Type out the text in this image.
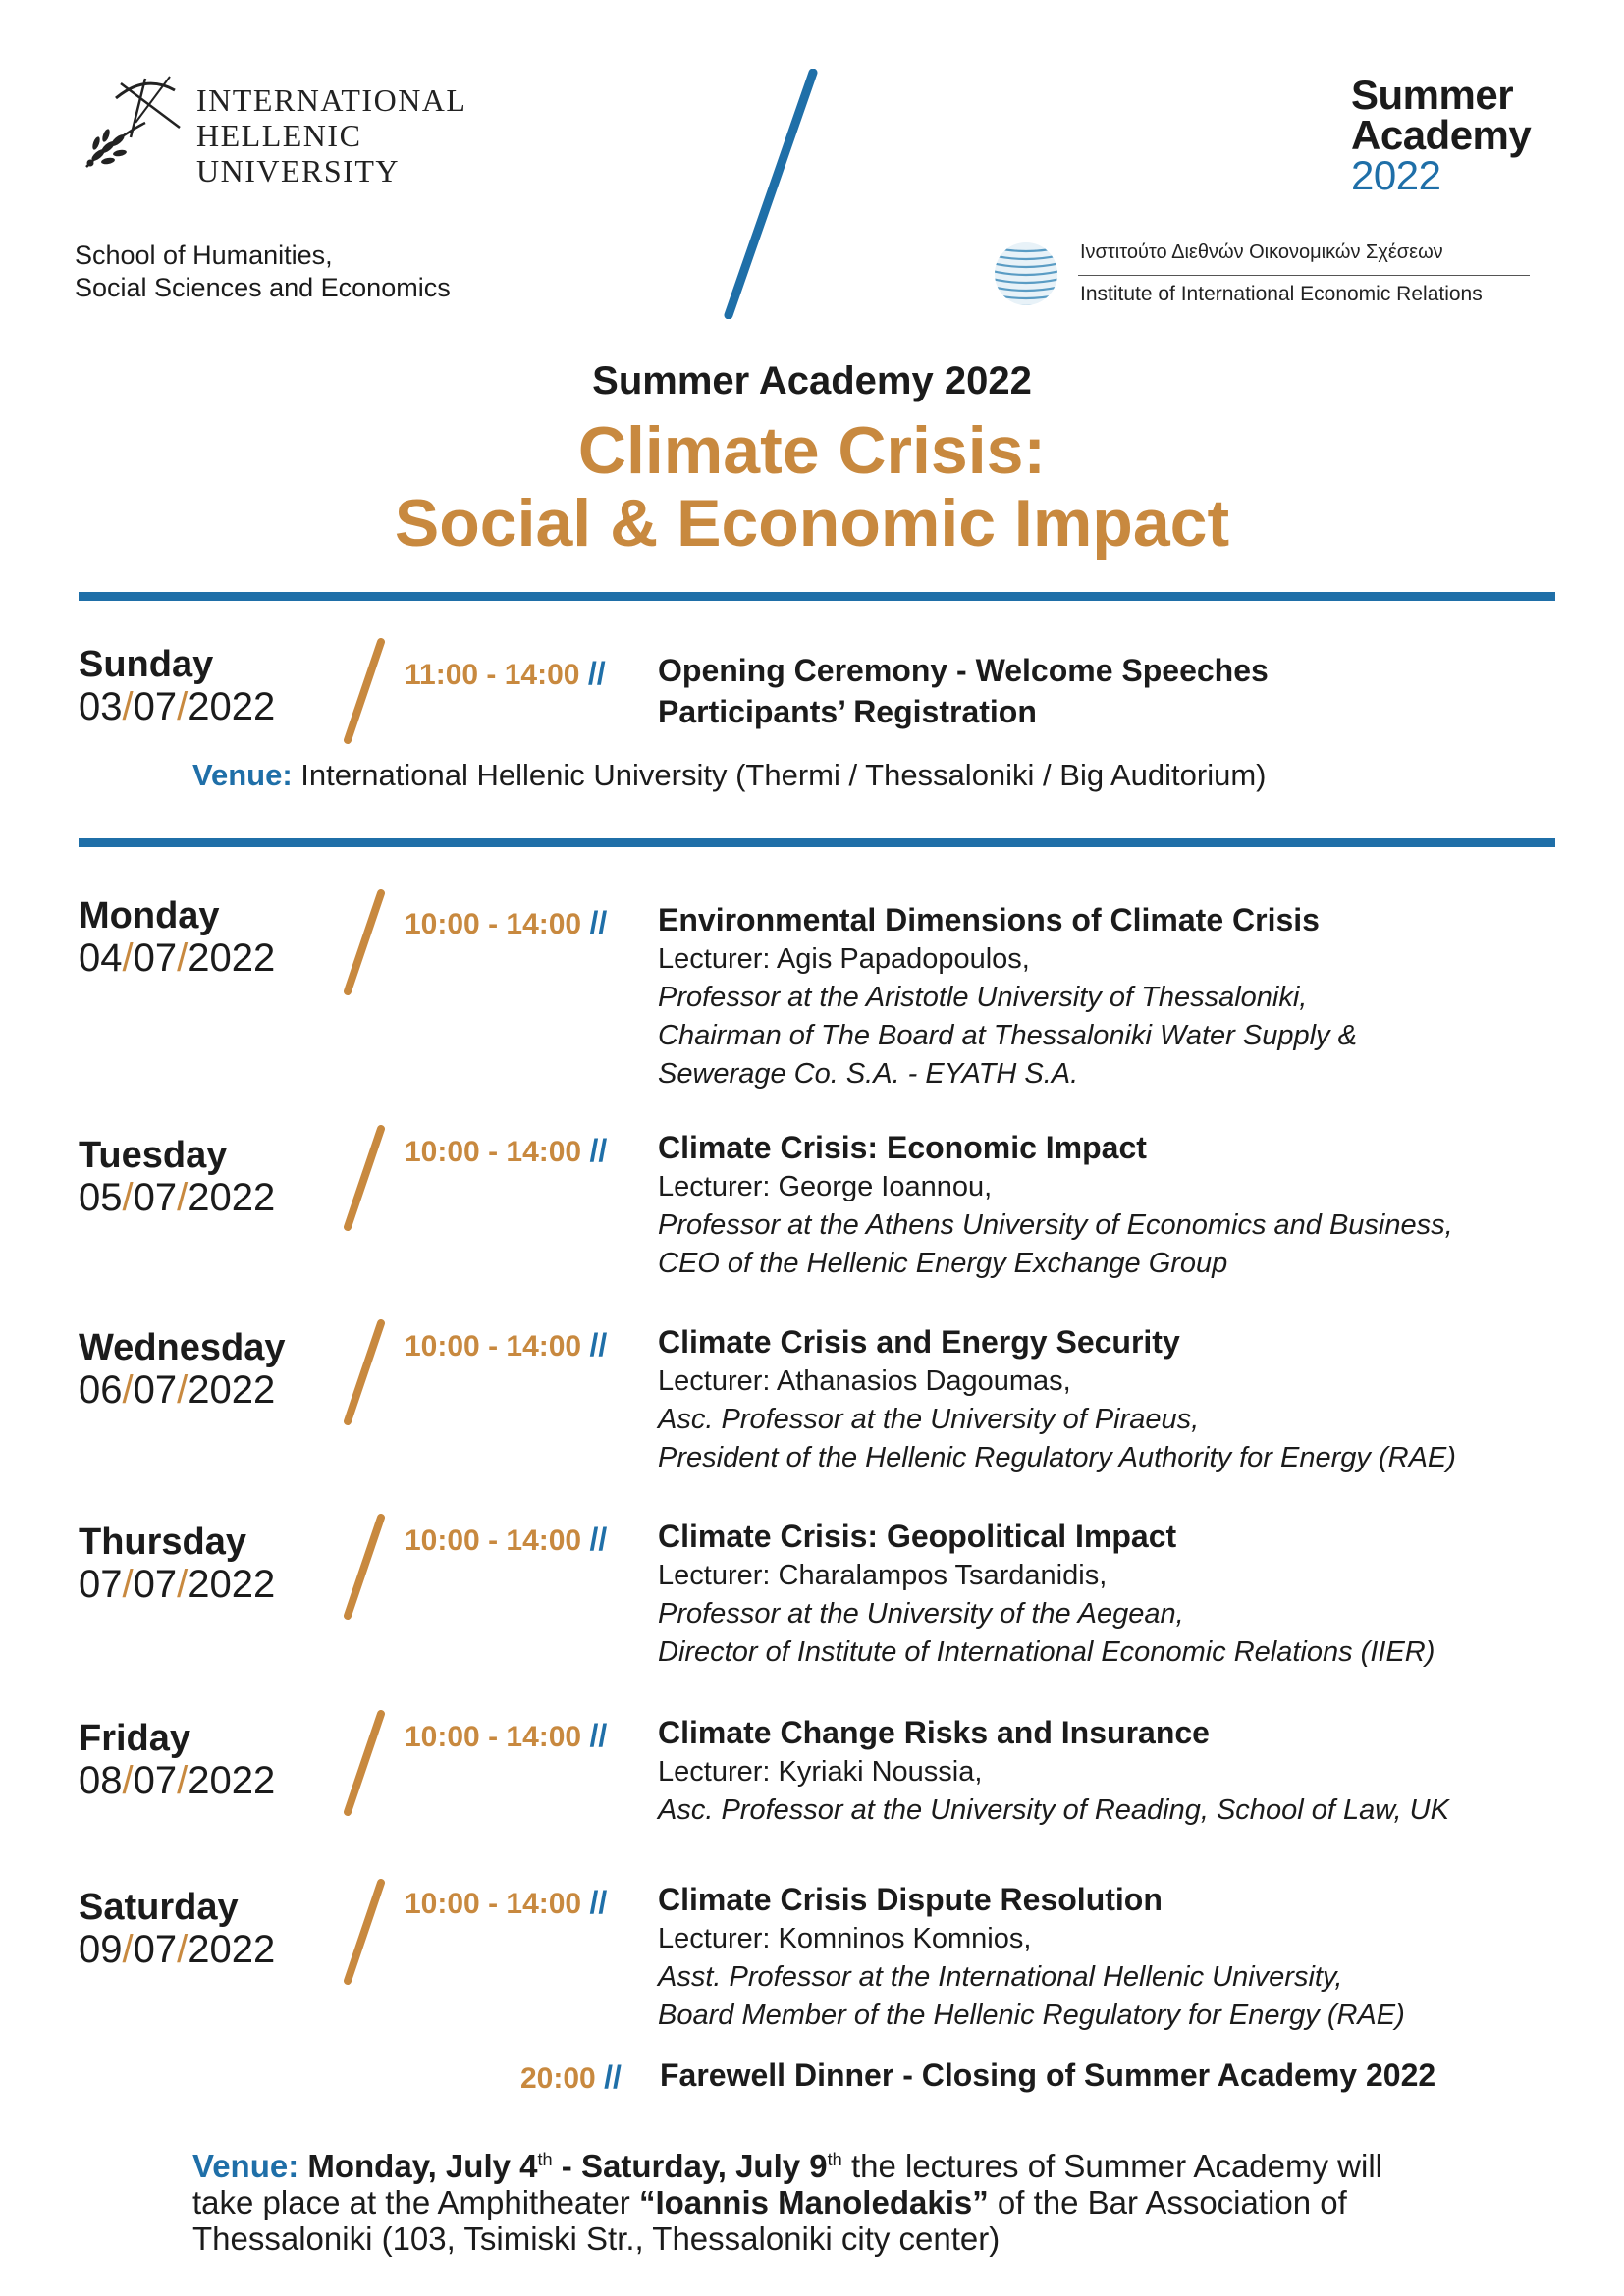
INTERNATIONAL
HELLENIC
UNIVERSITY
School of Humanities,
Social Sciences and Economics
Summer
Academy
2022
Ινστιτούτο Διεθνών Οικονομικών Σχέσεων
Institute of International Economic Relations
Summer Academy 2022
Climate Crisis:
Social & Economic Impact
Sunday
03/07/2022
11:00 - 14:00 // Opening Ceremony - Welcome Speeches
Participants’ Registration
Venue: International Hellenic University (Thermi / Thessaloniki / Big Auditorium)
Monday
04/07/2022
10:00 - 14:00 // Environmental Dimensions of Climate Crisis
Lecturer: Agis Papadopoulos,
Professor at the Aristotle University of Thessaloniki,
Chairman of The Board at Thessaloniki Water Supply &
Sewerage Co. S.A. - EYATH S.A.
Tuesday
05/07/2022
10:00 - 14:00 // Climate Crisis: Economic Impact
Lecturer: George Ioannou,
Professor at the Athens University of Economics and Business,
CEO of the Hellenic Energy Exchange Group
Wednesday
06/07/2022
10:00 - 14:00 // Climate Crisis and Energy Security
Lecturer: Athanasios Dagoumas,
Asc. Professor at the University of Piraeus,
President of the Hellenic Regulatory Authority for Energy (RAE)
Thursday
07/07/2022
10:00 - 14:00 // Climate Crisis: Geopolitical Impact
Lecturer: Charalampos Tsardanidis,
Professor at the University of the Aegean,
Director of Institute of International Economic Relations (IIER)
Friday
08/07/2022
10:00 - 14:00 // Climate Change Risks and Insurance
Lecturer: Kyriaki Noussia,
Asc. Professor at the University of Reading, School of Law, UK
Saturday
09/07/2022
10:00 - 14:00 // Climate Crisis Dispute Resolution
Lecturer: Komninos Komnios,
Asst. Professor at the International Hellenic University,
Board Member of the Hellenic Regulatory for Energy (RAE)
20:00 // Farewell Dinner - Closing of Summer Academy 2022
Venue: Monday, July 4th - Saturday, July 9th the lectures of Summer Academy will
take place at the Amphitheater “Ioannis Manoledakis” of the Bar Association of
Thessaloniki (103, Tsimiski Str., Thessaloniki city center)
